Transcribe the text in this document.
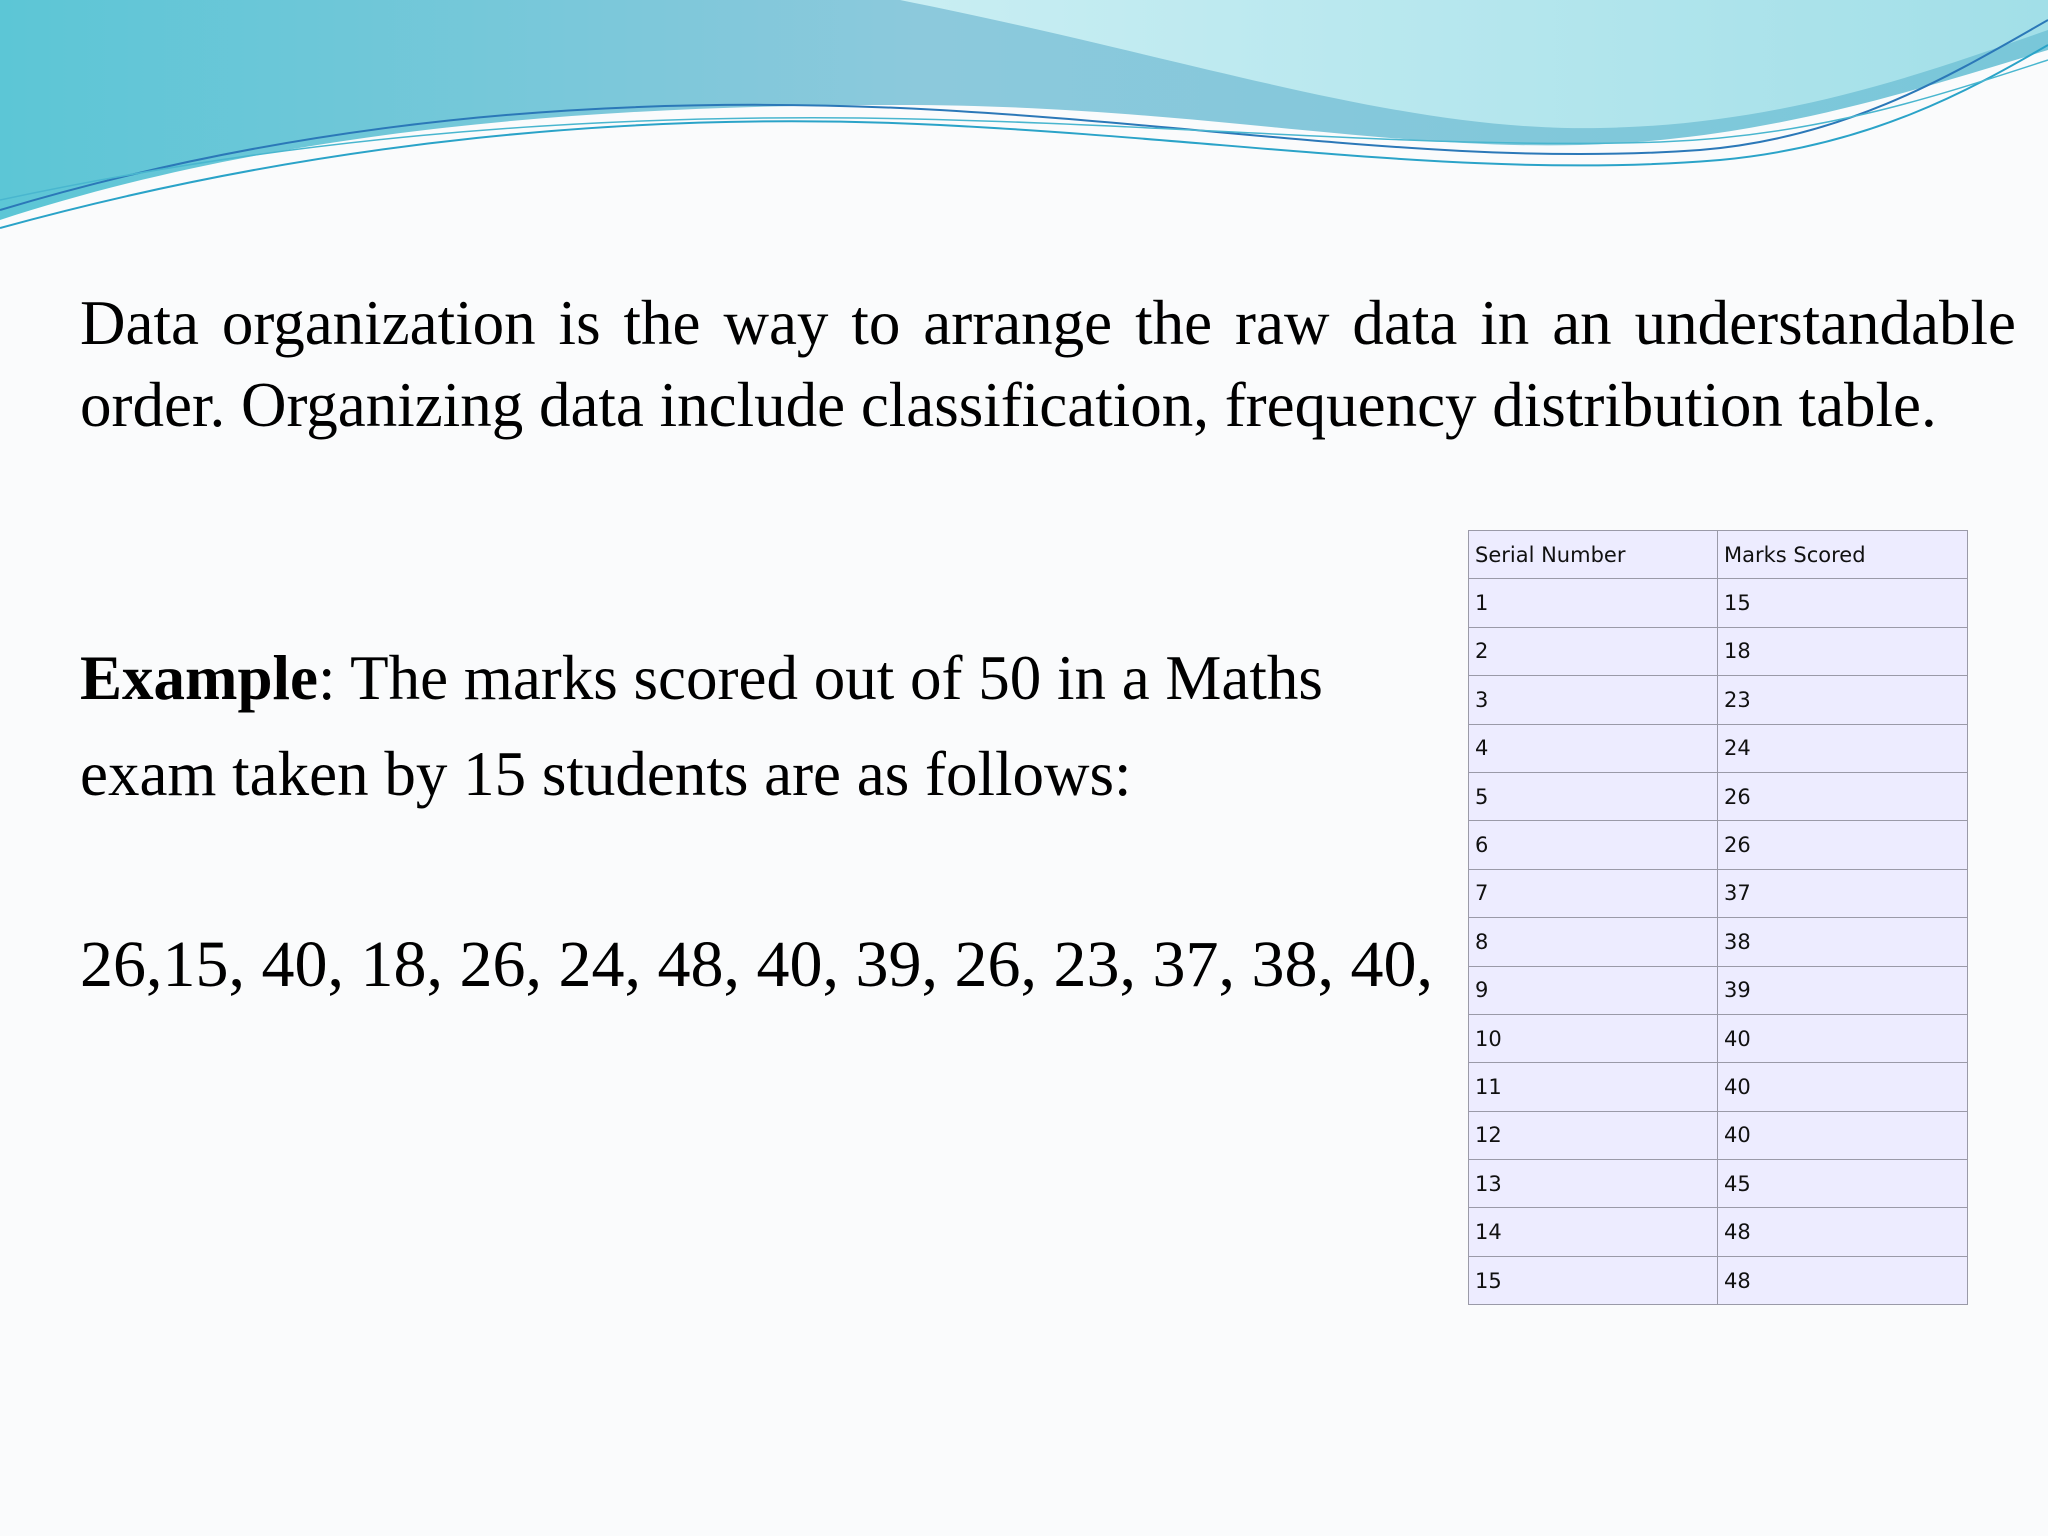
Data organization is the way to arrange the raw data in an understandable order. Organizing data include classification, frequency distribution table.

Example: The marks scored out of 50 in a Maths
exam taken by 15 students are as follows:

26,15, 40, 18, 26, 24, 48, 40, 39, 26, 23, 37, 38, 40,
Serial Number	Marks Scored
1	15
2	18
3	23
4	24
5	26
6	26
7	37
8	38
9	39
10	40
11	40
12	40
13	45
14	48
15	48
